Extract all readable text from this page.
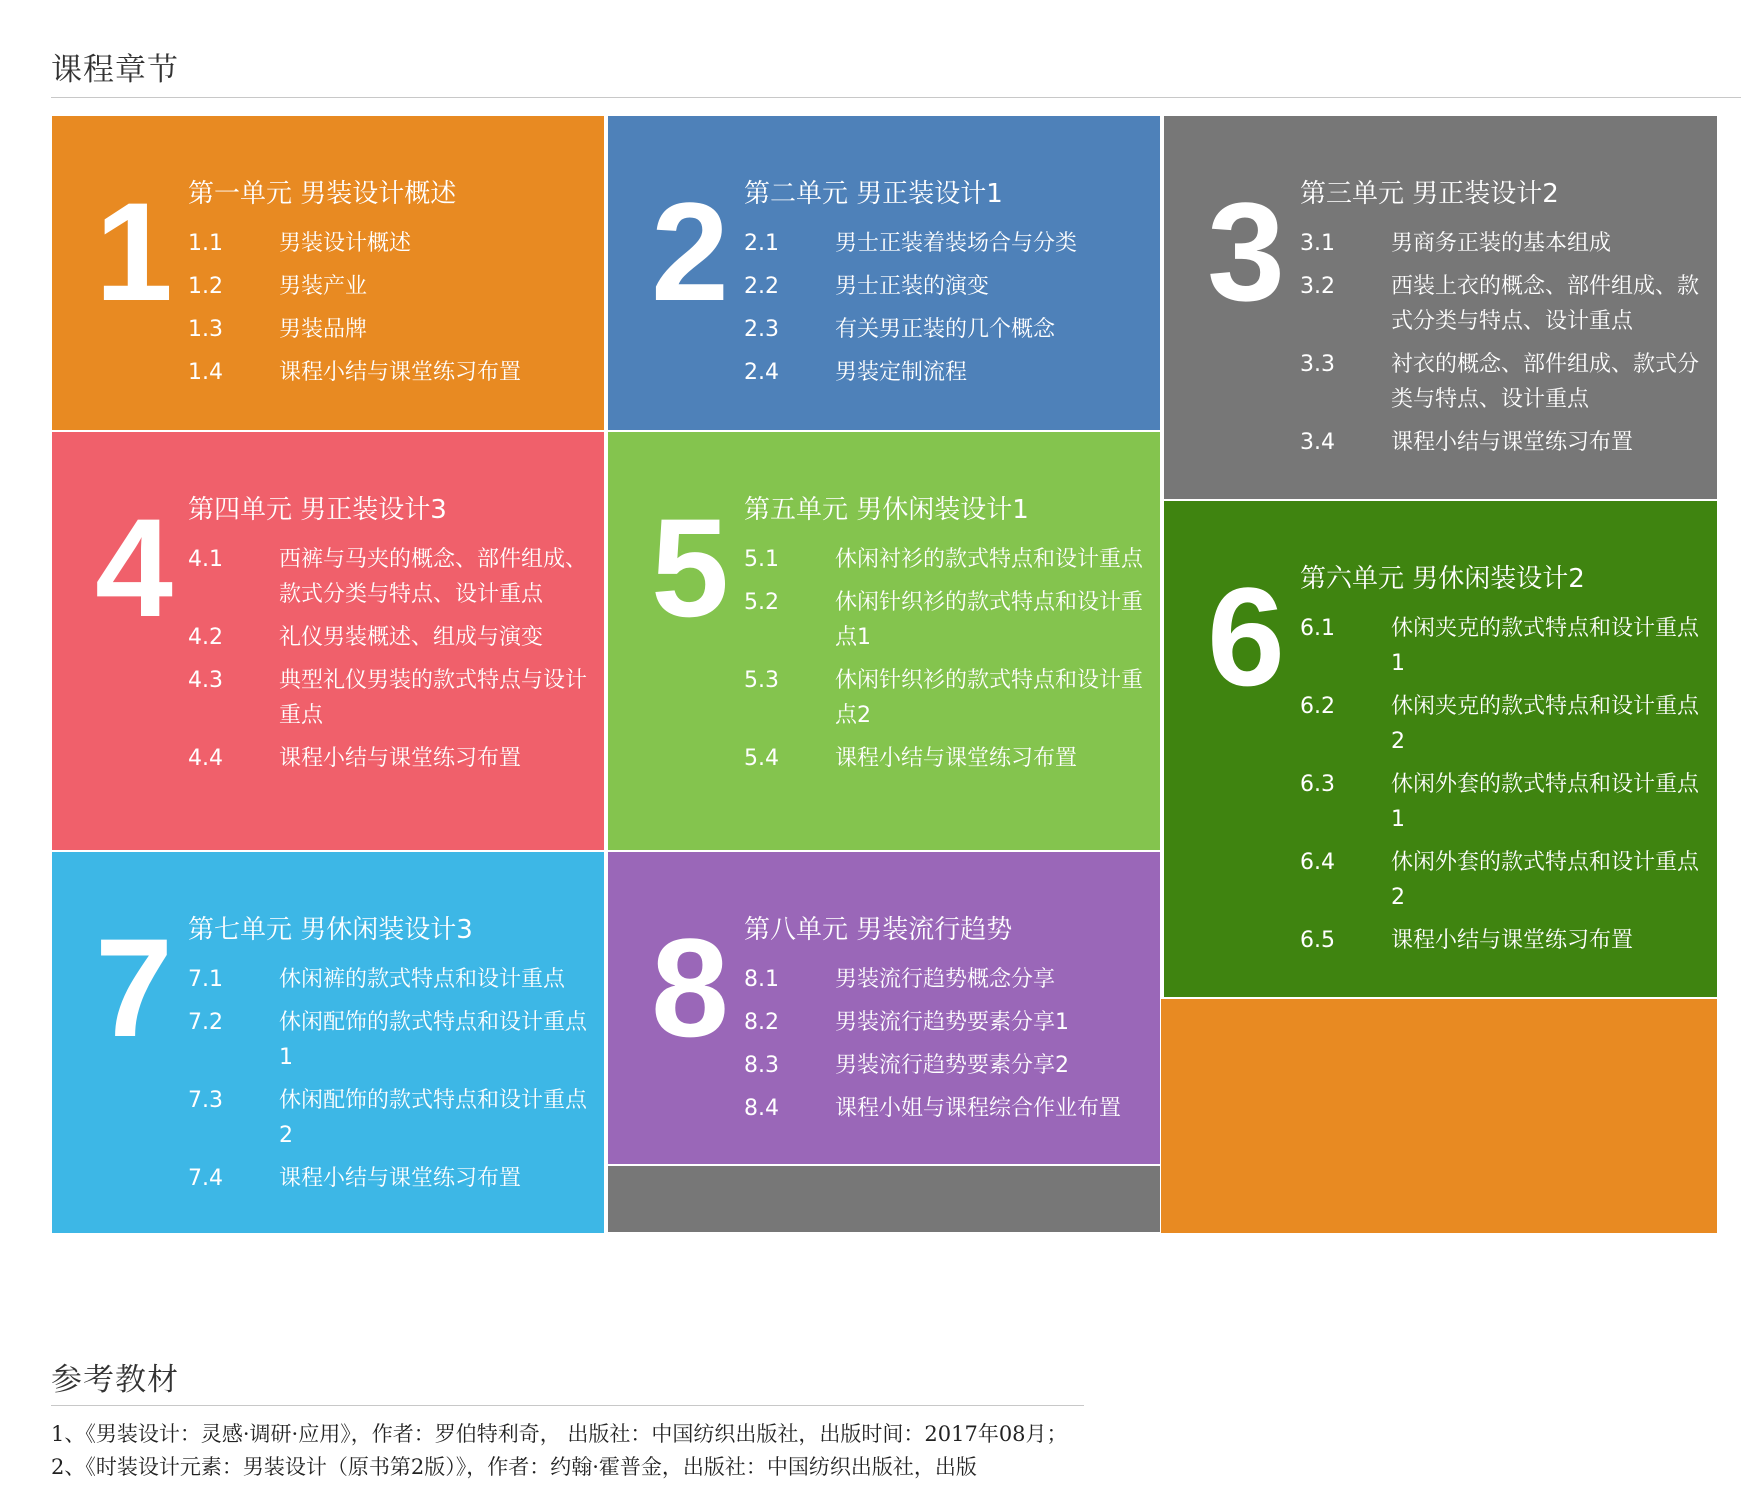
课程章节
1 第一单元 男装设计概述
1.1	男装设计概述
1.2	男装产业
1.3	男装品牌
1.4	课程小结与课堂练习布置
2 第二单元 男正装设计1
2.1	男士正装着装场合与分类
2.2	男士正装的演变
2.3	有关男正装的几个概念
2.4	男装定制流程
3 第三单元 男正装设计2
3.1	男商务正装的基本组成
3.2	西装上衣的概念、部件组成、款式分类与特点、设计重点
3.3	衬衣的概念、部件组成、款式分类与特点、设计重点
3.4	课程小结与课堂练习布置
4 第四单元 男正装设计3
4.1	西裤与马夹的概念、部件组成、款式分类与特点、设计重点
4.2	礼仪男装概述、组成与演变
4.3	典型礼仪男装的款式特点与设计重点
4.4	课程小结与课堂练习布置
5 第五单元 男休闲装设计1
5.1	休闲衬衫的款式特点和设计重点
5.2	休闲针织衫的款式特点和设计重点1
5.3	休闲针织衫的款式特点和设计重点2
5.4	课程小结与课堂练习布置
6 第六单元 男休闲装设计2
6.1	休闲夹克的款式特点和设计重点1
6.2	休闲夹克的款式特点和设计重点2
6.3	休闲外套的款式特点和设计重点1
6.4	休闲外套的款式特点和设计重点2
6.5	课程小结与课堂练习布置
7 第七单元 男休闲装设计3
7.1	休闲裤的款式特点和设计重点
7.2	休闲配饰的款式特点和设计重点1
7.3	休闲配饰的款式特点和设计重点2
7.4	课程小结与课堂练习布置
8 第八单元 男装流行趋势
8.1	男装流行趋势概念分享
8.2	男装流行趋势要素分享1
8.3	男装流行趋势要素分享2
8.4	课程小姐与课程综合作业布置
参考教材

1、《男装设计：灵感·调研·应用》，作者：罗伯特利奇， 出版社：中国纺织出版社，出版时间：2017年08月；

2、《时装设计元素：男装设计（原书第2版）》，作者：约翰·霍普金，出版社：中国纺织出版社，出版
